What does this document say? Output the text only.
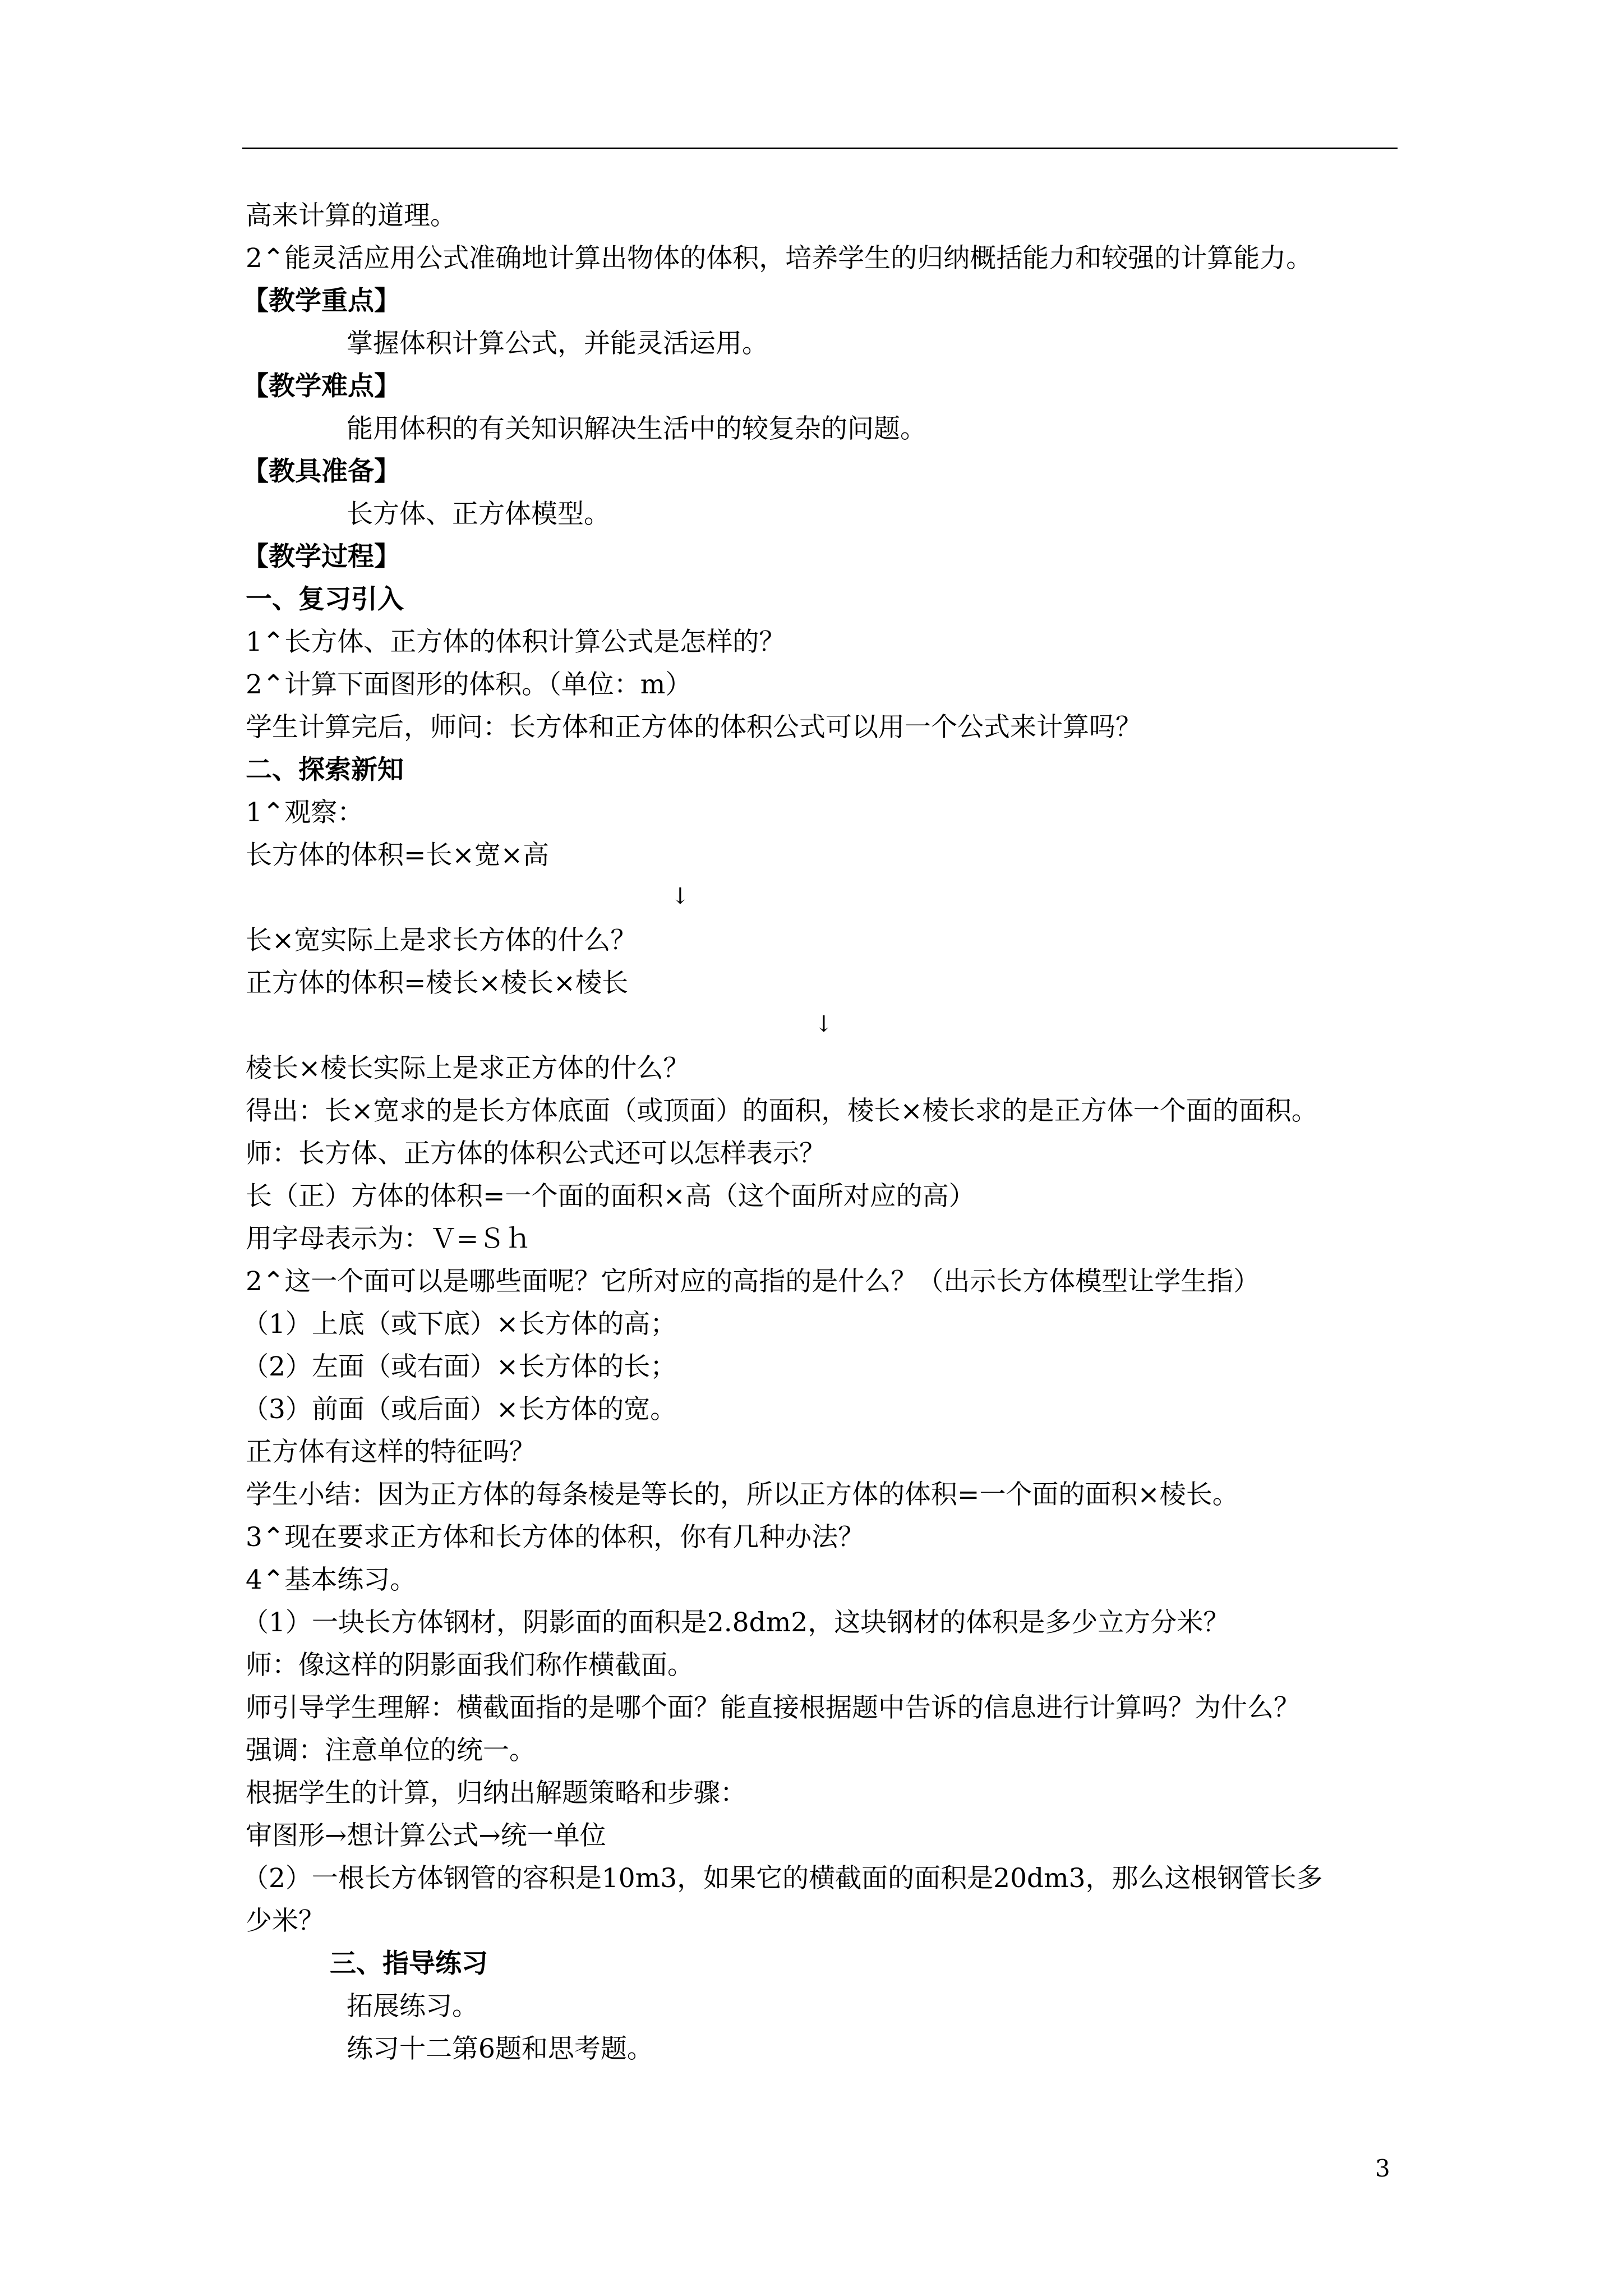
高来计算的道理。
2⌃能灵活应用公式准确地计算出物体的体积，培养学生的归纳概括能力和较强的计算能力。
【教学重点】
掌握体积计算公式，并能灵活运用。
【教学难点】
能用体积的有关知识解决生活中的较复杂的问题。
【教具准备】
长方体、正方体模型。
【教学过程】
一、复习引入
1⌃长方体、正方体的体积计算公式是怎样的？
2⌃计算下面图形的体积。（单位：m）
学生计算完后，师问：长方体和正方体的体积公式可以用一个公式来计算吗？
二、探索新知
1⌃观察：
长方体的体积=长×宽×高
↓
长×宽实际上是求长方体的什么？
正方体的体积=棱长×棱长×棱长
↓
棱长×棱长实际上是求正方体的什么？
得出：长×宽求的是长方体底面（或顶面）的面积，棱长×棱长求的是正方体一个面的面积。
师：长方体、正方体的体积公式还可以怎样表示？
长（正）方体的体积=一个面的面积×高（这个面所对应的高）
用字母表示为：Ｖ=Ｓｈ
2⌃这一个面可以是哪些面呢？它所对应的高指的是什么？（出示长方体模型让学生指）
（1）上底（或下底）×长方体的高；
（2）左面（或右面）×长方体的长；
（3）前面（或后面）×长方体的宽。
正方体有这样的特征吗？
学生小结：因为正方体的每条棱是等长的，所以正方体的体积=一个面的面积×棱长。
3⌃现在要求正方体和长方体的体积，你有几种办法？
4⌃基本练习。
（1）一块长方体钢材，阴影面的面积是2.8dm2，这块钢材的体积是多少立方分米？
师：像这样的阴影面我们称作横截面。
师引导学生理解：横截面指的是哪个面？能直接根据题中告诉的信息进行计算吗？为什么？
强调：注意单位的统一。
根据学生的计算，归纳出解题策略和步骤：
审图形→想计算公式→统一单位
（2）一根长方体钢管的容积是10m3，如果它的横截面的面积是20dm3，那么这根钢管长多
少米？
三、指导练习
拓展练习。
练习十二第6题和思考题。
3
